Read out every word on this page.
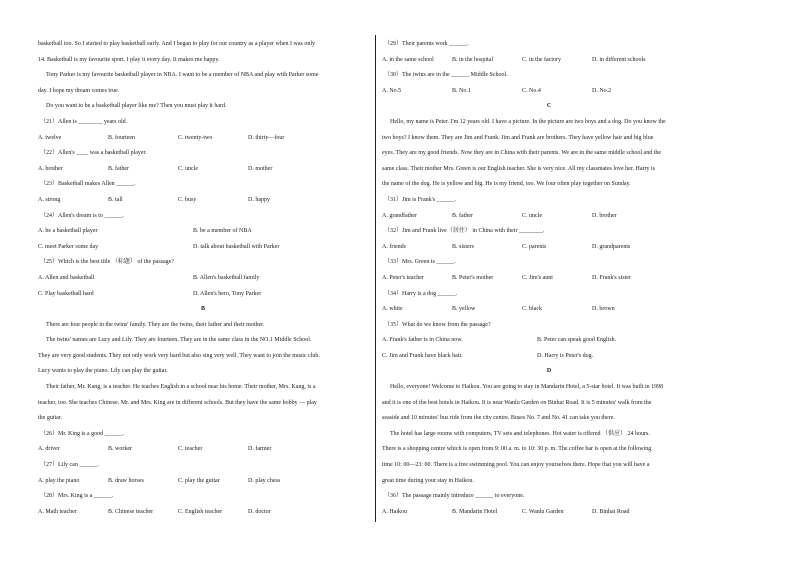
basketball too. So I started to play basketball early. And I began to play for our country as a player when I was only
14. Basketball is my favourite sport. I play it every day. It makes me happy.
Tony Parker is my favourite basketball player in NBA. I want to be a member of NBA and play with Parker some
day. I hope my dream comes true.
Do you want to be a basketball player like me? Then you must play it hard.
（21）Allen is ________ years old.
A. twelve	B. fourteen	C. twenty-two	D. thirty—four
（22）Allen's ____ was a basketball player.
A. brother	B. father	C. uncle	D. mother
（23）Basketball makes Allen ______.
A. strong	B. tall	C. busy	D. happy
（24）Allen's dream is to ______.
A. be a basketball player	B. be a member of NBA
C. meet Parker some day	D. talk about basketball with Parker
（25）Which is the best title （标题） of the passage?
A. Allen and basketball	B. Allen's basketball family
C. Play basketball hard	D. Allen's hero, Tony Parker
B
There are four people in the twins' family. They are the twins, their father and their mother.
The twins' names are Lucy and Lily. They are fourteen. They are in the same class in the NO.1 Middle School.
They are very good students. They not only work very hard but also sing very well. They want to join the music club.
Lucy wants to play the piano. Lily can play the guitar.
Their father, Mr. Kang, is a teacher. He teaches English in a school near his home. Their mother, Mrs. Kang, is a
teacher, too. She teaches Chinese. Mr. and Mrs. King are in different schools. But they have the same hobby — play
the guitar.
（26）Mr. King is a good ______.
A. driver	B. worker	C. teacher	D. farmer
（27）Lily can ______.
A. play the piano	B. draw horses	C. play the guitar	D. play chess
（28）Mrs. King is a ______.
A. Math teacher	B. Chinese teacher	C. English teacher	D. doctor
（29）Their parents work ______.
A. in the same school	B. in the hospital	C. in the factory	D. in different schools
（30）The twins are in the ______ Middle School.
A. No.5	B. No.1	C. No.4	D. No.2
C
Hello, my name is Peter. I'm 12 years old. I have a picture. In the picture are two boys and a dog. Do you know the
two boys? I know them. They are Jim and Frank. Jim and Frank are brothers. They have yellow hair and big blue
eyes. They are my good friends. Now they are in China with their parents. We are in the same middle school and the
same class. Their mother Mrs. Green is our English teacher. She is very nice. All my classmates love her. Harry is
the name of the dog. He is yellow and big. He is my friend, too. We four often play together on Sunday.
（31）Jim is Frank's ______.
A. grandfather	B. father	C. uncle	D. brother
（32）Jim and Frank live（居住） in China with their ________.
A. friends	B. sisters	C. parents	D. grandparents
（33）Mrs. Green is ______.
A. Peter's teacher	B. Peter's mother	C. Jim's aunt	D. Frank's sister
（34）Harry is a dog ______.
A. white	B. yellow	C. black	D. brown
（35）What do we know from the passage?
A. Frank's father is in China now.	B. Peter can speak good English.
C. Jim and Frank have black hair.	D. Harry is Peter's dog.
D
Hello, everyone! Welcome to Haikou. You are going to stay in Mandarin Hotel, a 5-star hotel. It was built in 1998
and it is one of the best hotels in Haikou. It is near Wanlu Garden on Binhai Road. It is 5 minutes' walk from the
seaside and 10 minutes' bus ride from the city centre. Buses No. 7 and No. 41 can take you there.
The hotel has large rooms with computers, TV sets and telephones. Hot water is offered （供应） 24 hours.
There is a shopping centre which is open from 9: 00 a. m. to 10: 30 p. m. The coffee bar is open at the following
time 10: 00—23: 00. There is a free swimming pool. You can enjoy yourselves there. Hope that you will have a
great time during your stay in Haikou.
（36）The passage mainly introduce ______ to everyone.
A. Haikou	B. Mandarin Hotel	C. Wanlu Garden	D. Binhai Road
